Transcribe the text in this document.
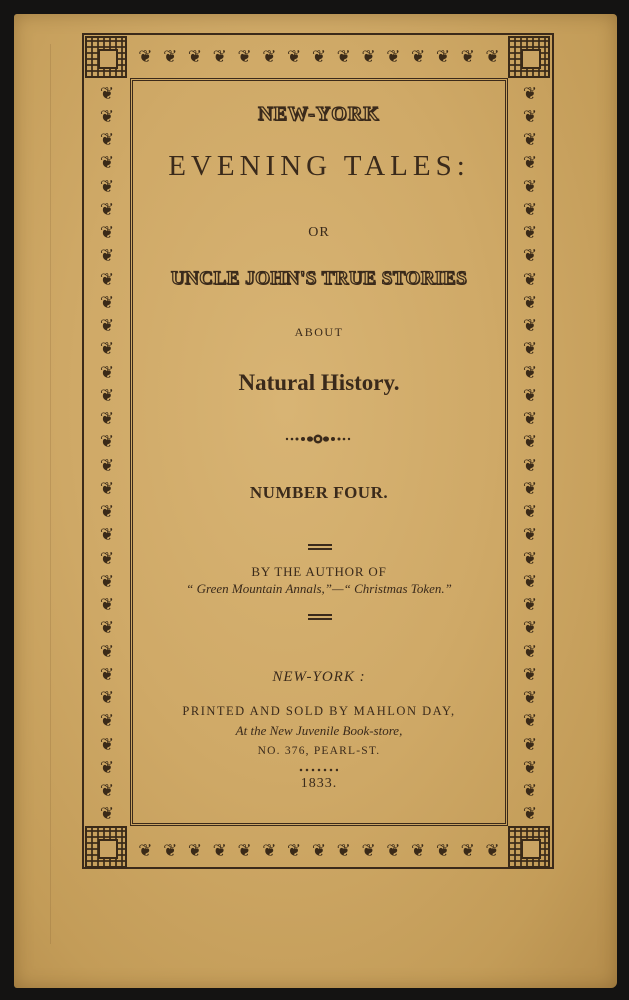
❦ ❦ ❦ ❦ ❦ ❦ ❦ ❦ ❦ ❦ ❦ ❦ ❦ ❦ ❦
❦ ❦ ❦ ❦ ❦ ❦ ❦ ❦ ❦ ❦ ❦ ❦ ❦ ❦ ❦
❦
❦
❦
❦
❦
❦
❦
❦
❦
❦
❦
❦
❦
❦
❦
❦
❦
❦
❦
❦
❦
❦
❦
❦
❦
❦
❦
❦
❦
❦
❦
❦
❦
❦
❦
❦
❦
❦
❦
❦
❦
❦
❦
❦
❦
❦
❦
❦
❦
❦
❦
❦
❦
❦
❦
❦
❦
❦
❦
❦
❦
❦
❦
❦
NEW-YORK
EVENING TALES:
OR
UNCLE JOHN'S TRUE STORIES
ABOUT
Natural History.
NUMBER FOUR.
BY THE AUTHOR OF
“ Green Mountain Annals,”—“ Christmas Token.”
NEW-YORK :
PRINTED AND SOLD BY MAHLON DAY,
At the New Juvenile Book-store,
NO. 376, PEARL-ST.
1833.
